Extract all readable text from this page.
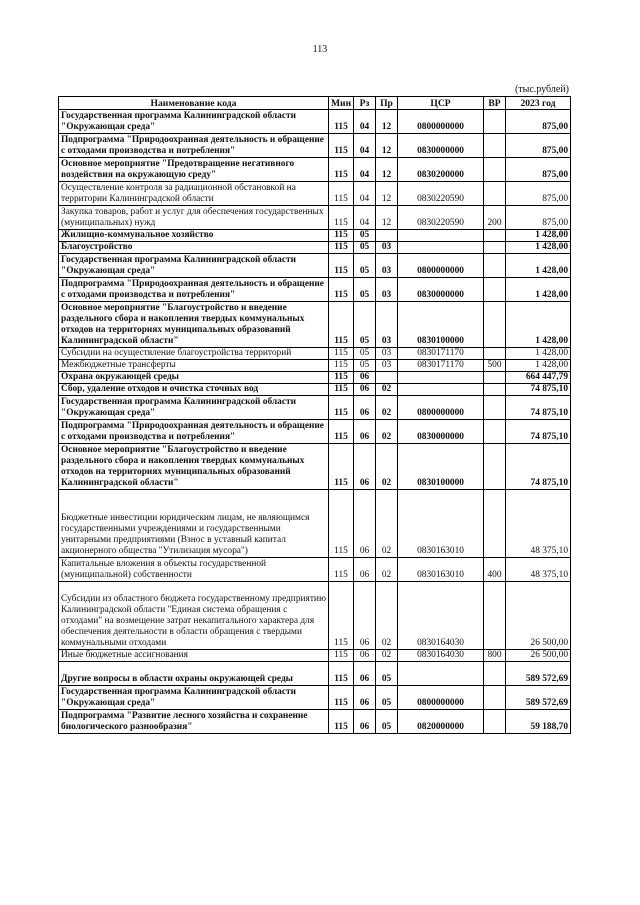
113
(тыс.рублей)
Наименование кода	Мин	Рз	Пр	ЦСР	ВР	2023 год
Государственная программа Калининградской области "Окружающая среда"	115	04	12	0800000000		875,00
Подпрограмма "Природоохранная деятельность и обращение с отходами производства и потребления"	115	04	12	0830000000		875,00
Основное мероприятие "Предотвращение негативного воздействия на окружающую среду"	115	04	12	0830200000		875,00
Осуществление контроля за радиационной обстановкой на территории Калининградской области	115	04	12	0830220590		875,00
Закупка товаров, работ и услуг для обеспечения государственных (муниципальных) нужд	115	04	12	0830220590	200	875,00
Жилищно-коммунальное хозяйство	115	05				1 428,00
Благоустройство	115	05	03			1 428,00
Государственная программа Калининградской области "Окружающая среда"	115	05	03	0800000000		1 428,00
Подпрограмма "Природоохранная деятельность и обращение с отходами производства и потребления"	115	05	03	0830000000		1 428,00
Основное мероприятие "Благоустройство и введение раздельного сбора и накопления твердых коммунальных отходов на территориях муниципальных образований Калининградской области"	115	05	03	0830100000		1 428,00
Субсидии на осуществление благоустройства территорий	115	05	03	0830171170		1 428,00
Межбюджетные трансферты	115	05	03	0830171170	500	1 428,00
Охрана окружающей среды	115	06				664 447,79
Сбор, удаление отходов и очистка сточных вод	115	06	02			74 875,10
Государственная программа Калининградской области "Окружающая среда"	115	06	02	0800000000		74 875,10
Подпрограмма "Природоохранная деятельность и обращение с отходами производства и потребления"	115	06	02	0830000000		74 875,10
Основное мероприятие "Благоустройство и введение раздельного сбора и накопления твердых коммунальных отходов на территориях муниципальных образований Калининградской области"	115	06	02	0830100000		74 875,10
Бюджетные инвестиции юридическим лицам, не являющимся государственными учреждениями и государственными унитарными предприятиями (Взнос в уставный капитал акционерного общества "Утилизация мусора")	115	06	02	0830163010		48 375,10
Капитальные вложения в объекты государственной (муниципальной) собственности	115	06	02	0830163010	400	48 375,10
Субсидии из областного бюджета государственному предприятию Калининградской области "Единая система обращения с отходами" на возмещение затрат некапитального характера для обеспечения деятельности в области обращения с твердыми коммунальными отходами	115	06	02	0830164030		26 500,00
Иные бюджетные ассигнования	115	06	02	0830164030	800	26 500,00
Другие вопросы в области охраны окружающей среды	115	06	05			589 572,69
Государственная программа Калининградской области "Окружающая среда"	115	06	05	0800000000		589 572,69
Подпрограмма "Развитие лесного хозяйства и сохранение биологического разнообразия"	115	06	05	0820000000		59 188,70
